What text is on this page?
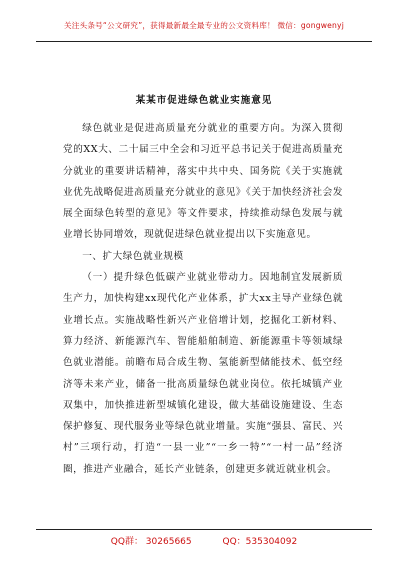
关注头条号“公文研究”，获得最新最全最专业的公文资料库！ 微信：gongwenyj
某某市促进绿色就业实施意见

绿色就业是促进高质量充分就业的重要方向。为深入贯彻党的XX大、二十届三中全会和习近平总书记关于促进高质量充分就业的重要讲话精神，落实中共中央、国务院《关于实施就业优先战略促进高质量充分就业的意见》《关于加快经济社会发展全面绿色转型的意见》等文件要求，持续推动绿色发展与就业增长协同增效，现就促进绿色就业提出以下实施意见。

一、扩大绿色就业规模

（一）提升绿色低碳产业就业带动力。因地制宜发展新质生产力，加快构建xx现代化产业体系，扩大xx主导产业绿色就业增长点。实施战略性新兴产业倍增计划，挖掘化工新材料、算力经济、新能源汽车、智能船舶制造、新能源重卡等领域绿色就业潜能。前瞻布局合成生物、氢能新型储能技术、低空经济等未来产业，储备一批高质量绿色就业岗位。依托城镇产业双集中，加快推进新型城镇化建设，做大基础设施建设、生态保护修复、现代服务业等绿色就业增量。实施“强县、富民、兴村”三项行动，打造“一县一业”“一乡一特”“一村一品”经济圈，推进产业融合，延长产业链条，创建更多就近就业机会。

QQ群： 30265665	QQ：535304092
